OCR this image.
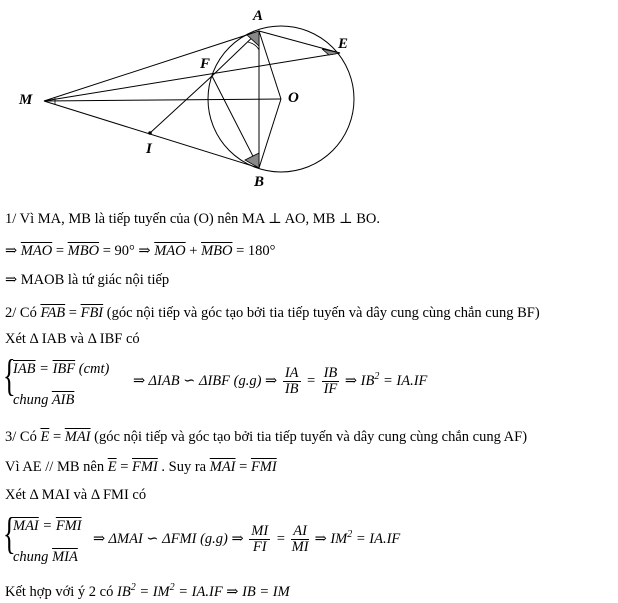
A
E
F
M	O
I
B
1/ Vì MA, MB là tiếp tuyến của (O) nên MA ⊥ AO, MB ⊥ BO.
⇒ $\overline{MAO} = \overline{MBO} = 90^\circ$ ⇒ $\overline{MAO} + \overline{MBO} = 180^\circ$
⇒ MAOB là tứ giác nội tiếp
2/ Có $\overline{FAB} = \overline{FBI}$ (góc nội tiếp và góc tạo bởi tia tiếp tuyến và dây cung cùng chắn cung BF)
Xét Δ IAB và Δ IBF có
{
$\overline{IAB} = \overline{IBF}$ (cmt)
chung $\overline{AIB}$
⇒ ΔIAB ∽ ΔIBF (g.g) ⇒ $\frac{IA}{IB} = \frac{IB}{IF}$ ⇒ $IB^2 = IA.IF$
3/ Có $\overline{E} = \overline{MAI}$ (góc nội tiếp và góc tạo bởi tia tiếp tuyến và dây cung cùng chắn cung AF)
Vì AE // MB nên $\overline{E} = \overline{FMI}$ . Suy ra $\overline{MAI} = \overline{FMI}$
Xét Δ MAI và Δ FMI có
{
$\overline{MAI} = \overline{FMI}$
chung $\overline{MIA}$
⇒ ΔMAI ∽ ΔFMI (g.g) ⇒ $\frac{MI}{FI} = \frac{AI}{MI}$ ⇒ $IM^2 = IA.IF$
Kết hợp với ý 2 có $IB^2 = IM^2 = IA.IF$ ⇒ IB = IM
